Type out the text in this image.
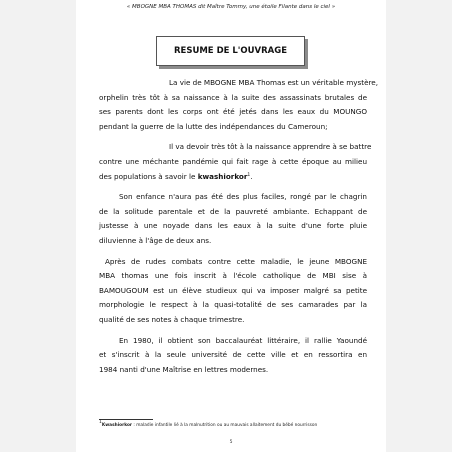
« MBOGNE MBA THOMAS dit Maître Tommy, une étoile Filante dans le ciel »
RESUME DE L'OUVRAGE
La vie de MBOGNE MBA Thomas est un véritable mystère,
orphelin très tôt à sa naissance à la suite des assassinats brutales de
ses parents dont les corps ont été jetés dans les eaux du MOUNGO
pendant la guerre de la lutte des indépendances du Cameroun;
Il va devoir très tôt à la naissance apprendre à se battre
contre une méchante pandémie qui fait rage à cette époque au milieu
des populations à savoir le kwashiorkor$^1$.
Son enfance n'aura pas été des plus faciles, rongé par le chagrin
de la solitude parentale et de la pauvreté ambiante. Echappant de
justesse à une noyade dans les eaux à la suite d'une forte pluie
diluvienne à l'âge de deux ans.
Après de rudes combats contre cette maladie, le jeune MBOGNE
MBA thomas une fois inscrit à l'école catholique de MBI sise à
BAMOUGOUM est un élève studieux qui va imposer malgré sa petite
morphologie le respect à la quasi-totalité de ses camarades par la
qualité de ses notes à chaque trimestre.
En 1980, il obtient son baccalauréat littéraire, il rallie Yaoundé
et s'inscrit à la seule université de cette ville et en ressortira en
1984 nanti d'une Maîtrise en lettres modernes.
$^1$Kwashiorkor : maladie infantile lié à la malnutrition ou au mauvais allaitement du bébé nourrisson
5
